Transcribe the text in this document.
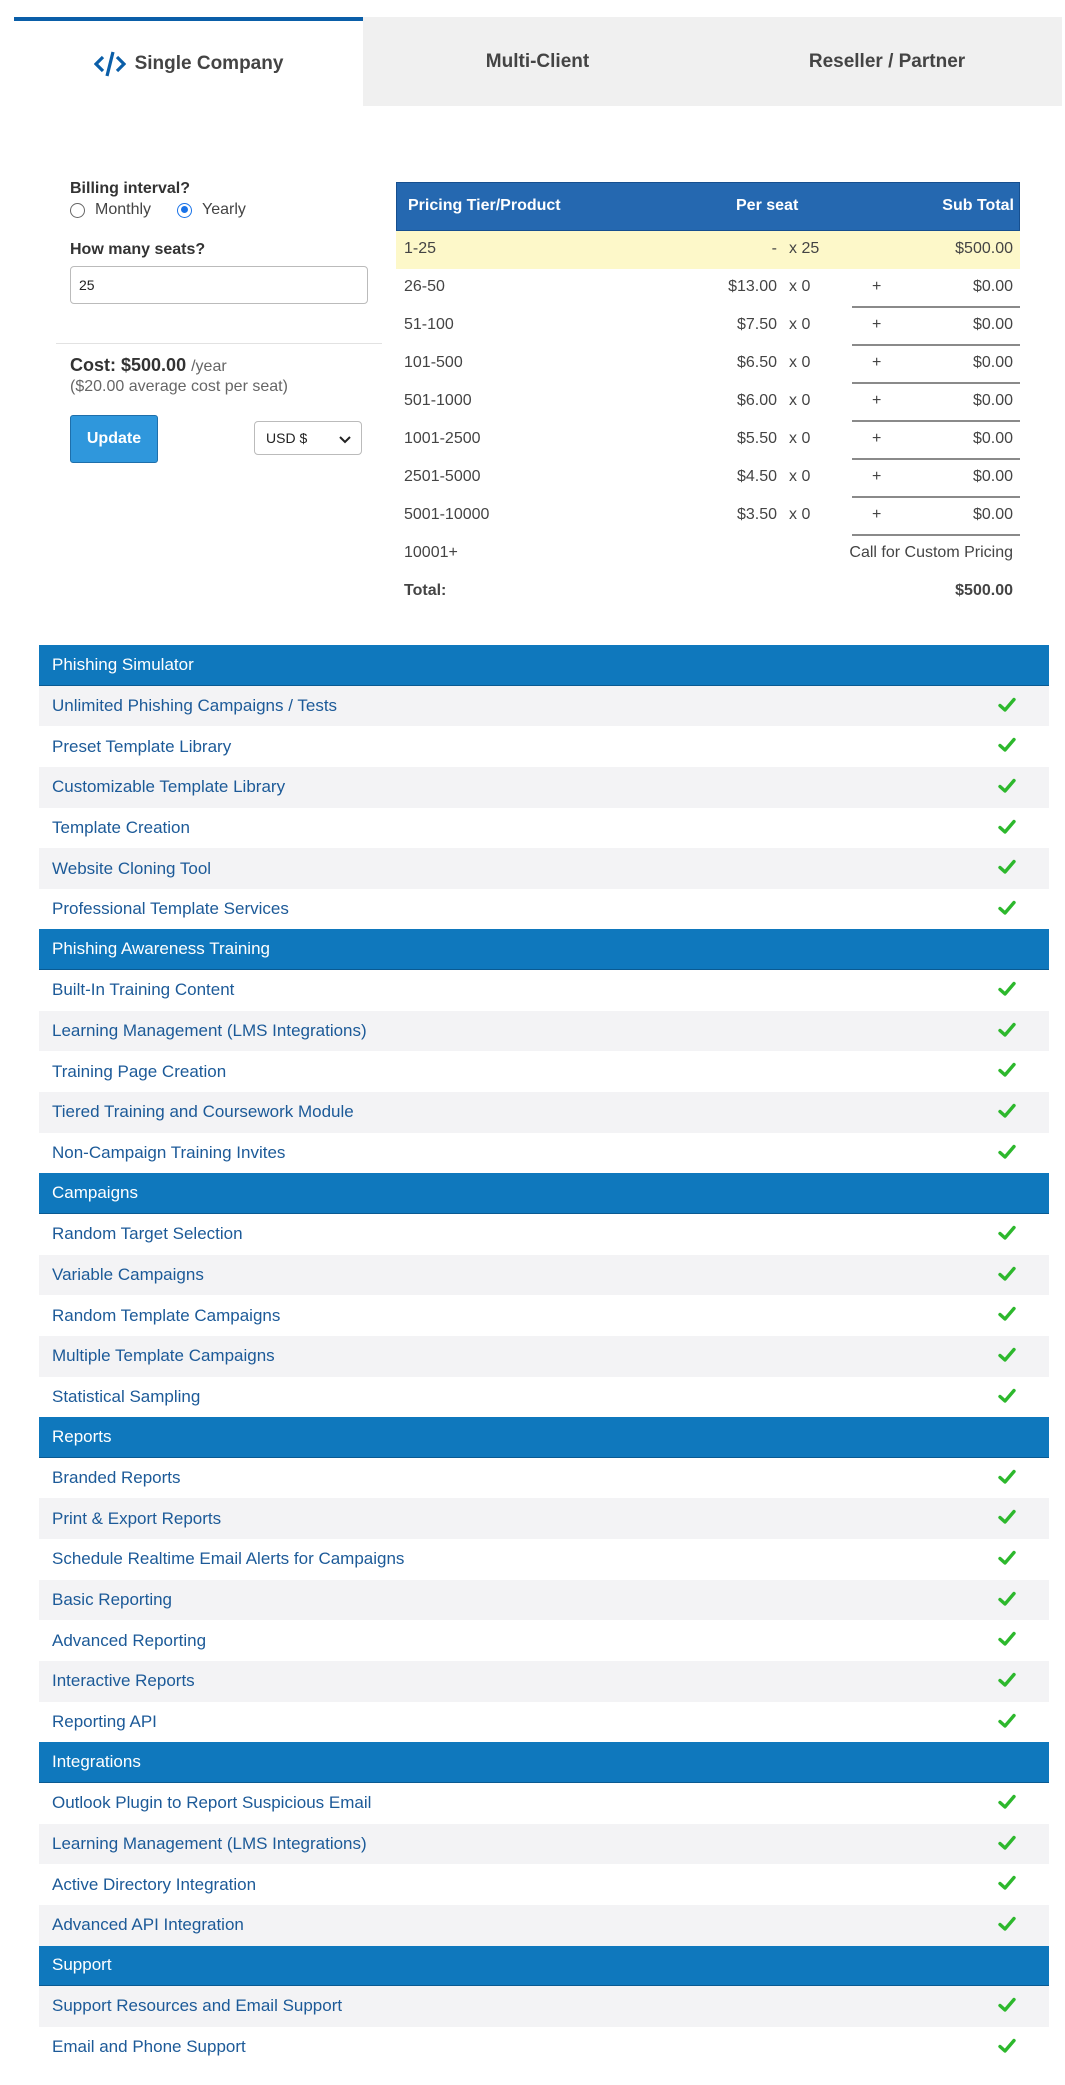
Single Company	Multi-Client	Reseller / Partner
Billing interval?
Monthly	Yearly
How many seats?
25
Cost: $500.00 /year
($20.00 average cost per seat)
Update	USD $
Pricing Tier/Product	Per seat	Sub Total
1-25	- x 25	$500.00
26-50	$13.00 x 0	+	$0.00
51-100	$7.50 x 0	+	$0.00
101-500	$6.50 x 0	+	$0.00
501-1000	$6.00 x 0	+	$0.00
1001-2500	$5.50 x 0	+	$0.00
2501-5000	$4.50 x 0	+	$0.00
5001-10000	$3.50 x 0	+	$0.00
10001+	Call for Custom Pricing
Total:	$500.00
Phishing Simulator
Unlimited Phishing Campaigns / Tests
Preset Template Library
Customizable Template Library
Template Creation
Website Cloning Tool
Professional Template Services
Phishing Awareness Training
Built-In Training Content
Learning Management (LMS Integrations)
Training Page Creation
Tiered Training and Coursework Module
Non-Campaign Training Invites
Campaigns
Random Target Selection
Variable Campaigns
Random Template Campaigns
Multiple Template Campaigns
Statistical Sampling
Reports
Branded Reports
Print & Export Reports
Schedule Realtime Email Alerts for Campaigns
Basic Reporting
Advanced Reporting
Interactive Reports
Reporting API
Integrations
Outlook Plugin to Report Suspicious Email
Learning Management (LMS Integrations)
Active Directory Integration
Advanced API Integration
Support
Support Resources and Email Support
Email and Phone Support
